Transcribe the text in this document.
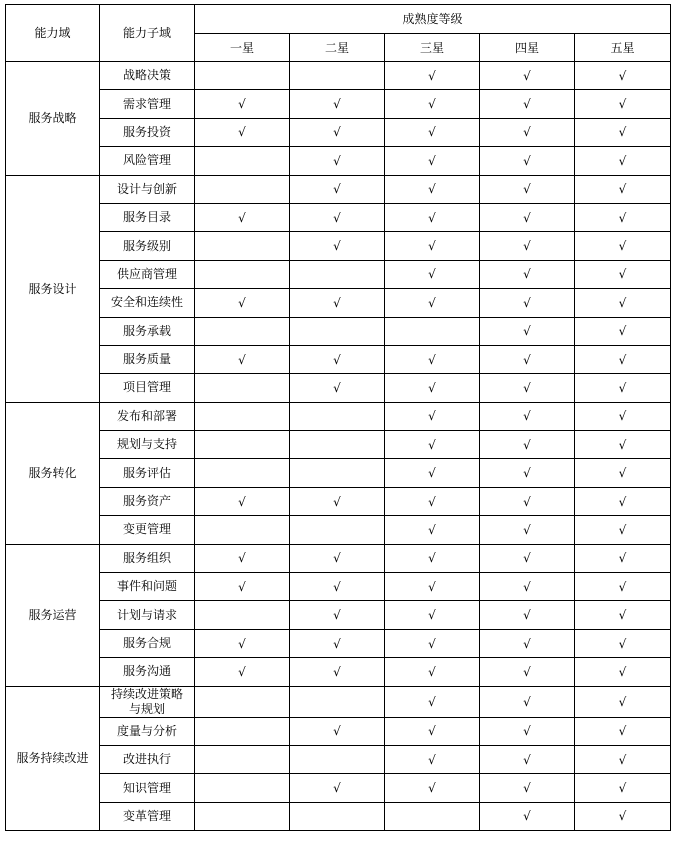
能力域	能力子域	成熟度等级				
		一星	二星	三星	四星	五星
服务战略	战略决策			√	√	√
	需求管理	√	√	√	√	√
	服务投资	√	√	√	√	√
	风险管理		√	√	√	√
服务设计	设计与创新		√	√	√	√
	服务目录	√	√	√	√	√
	服务级别		√	√	√	√
	供应商管理			√	√	√
	安全和连续性	√	√	√	√	√
	服务承载				√	√
	服务质量	√	√	√	√	√
	项目管理		√	√	√	√
服务转化	发布和部署			√	√	√
	规划与支持			√	√	√
	服务评估			√	√	√
	服务资产	√	√	√	√	√
	变更管理			√	√	√
服务运营	服务组织	√	√	√	√	√
	事件和问题	√	√	√	√	√
	计划与请求		√	√	√	√
	服务合规	√	√	√	√	√
	服务沟通	√	√	√	√	√
服务持续改进	持续改进策略与规划			√	√	√
	度量与分析		√	√	√	√
	改进执行			√	√	√
	知识管理		√	√	√	√
	变革管理				√	√
